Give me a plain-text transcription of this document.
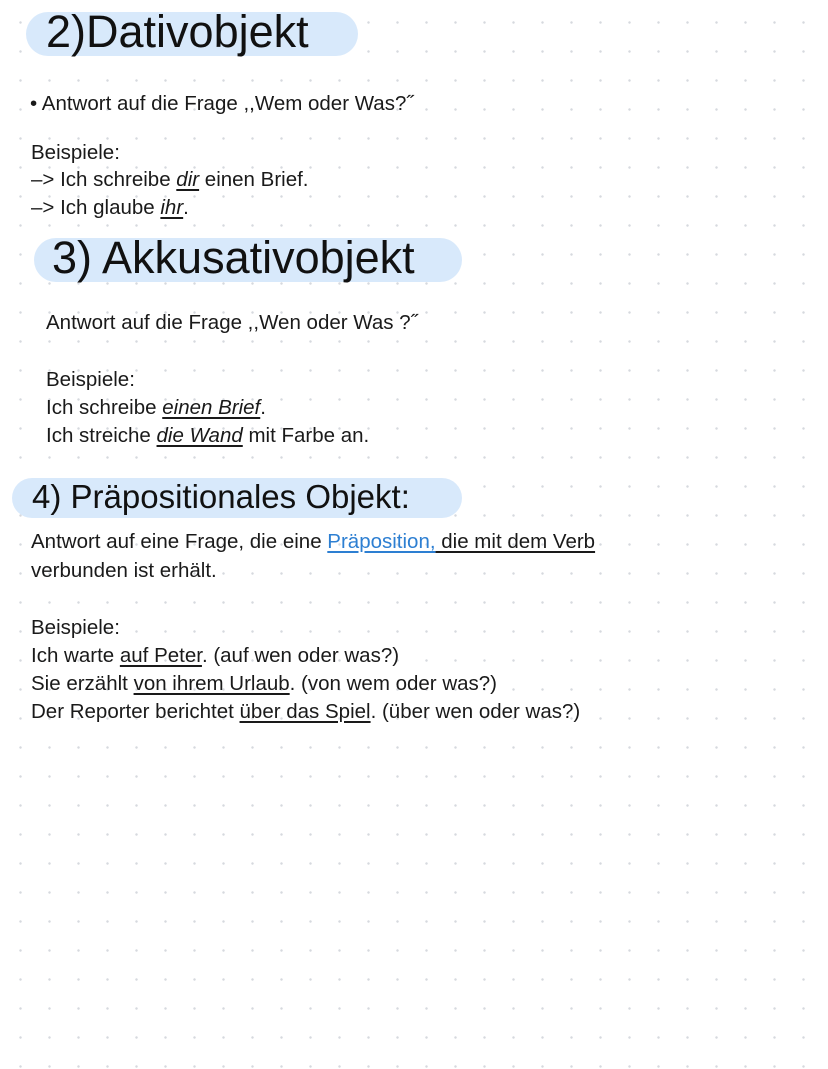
2)Dativobjekt
• Antwort auf die Frage ,,Wem oder Was?˝
Beispiele:
–> Ich schreibe dir einen Brief.
–> Ich glaube ihr.
3) Akkusativobjekt
Antwort auf die Frage ,,Wen oder Was ?˝
Beispiele:
Ich schreibe einen Brief.
Ich streiche die Wand mit Farbe an.
4) Präpositionales Objekt:
Antwort auf eine Frage, die eine Präposition, die mit dem Verb
verbunden ist erhält.
Beispiele:
Ich warte auf Peter. (auf wen oder was?)
Sie erzählt von ihrem Urlaub. (von wem oder was?)
Der Reporter berichtet über das Spiel. (über wen oder was?)
